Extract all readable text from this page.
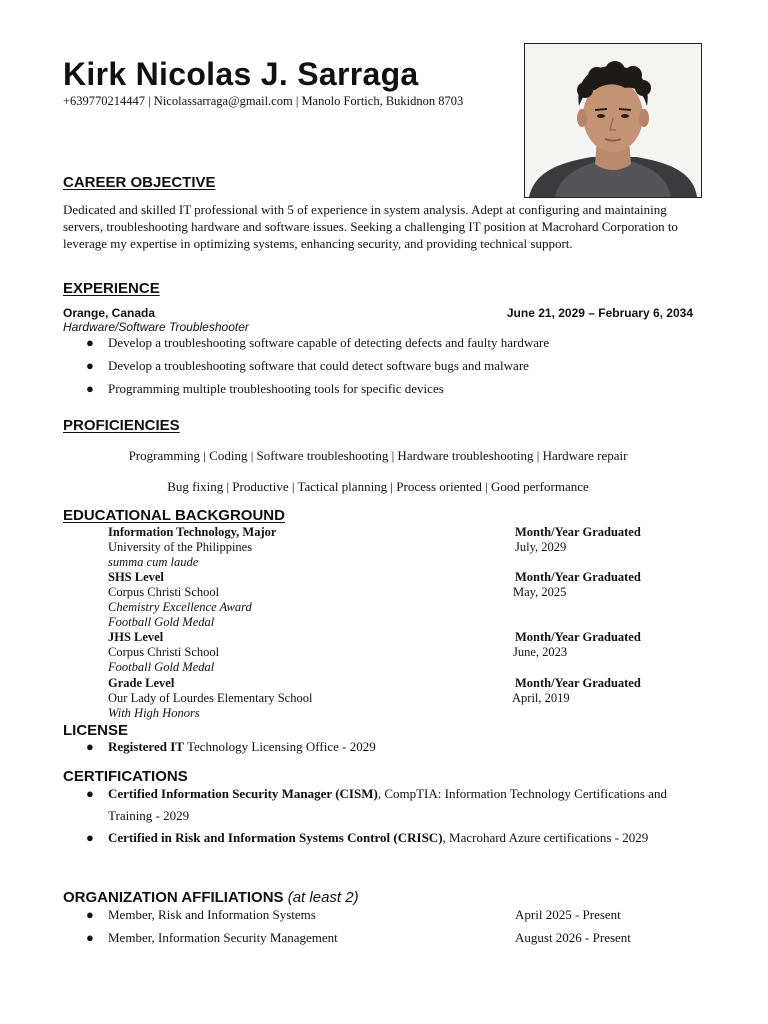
Kirk Nicolas J. Sarraga
+639770214447 | Nicolassarraga@gmail.com | Manolo Fortich, Bukidnon 8703
CAREER OBJECTIVE
Dedicated and skilled IT professional with 5 of experience in system analysis. Adept at configuring and maintaining servers, troubleshooting hardware and software issues. Seeking a challenging IT position at Macrohard Corporation to leverage my expertise in optimizing systems, enhancing security, and providing technical support.
EXPERIENCE
Orange, Canada	June 21, 2029 – February 6, 2034
Hardware/Software Troubleshooter
● Develop a troubleshooting software capable of detecting defects and faulty hardware
● Develop a troubleshooting software that could detect software bugs and malware
● Programming multiple troubleshooting tools for specific devices
PROFICIENCIES
Programming | Coding | Software troubleshooting | Hardware troubleshooting | Hardware repair
Bug fixing | Productive | Tactical planning | Process oriented | Good performance
EDUCATIONAL BACKGROUND
Information Technology, Major	Month/Year Graduated
University of the Philippines	July, 2029
summa cum laude
SHS Level	Month/Year Graduated
Corpus Christi School	May, 2025
Chemistry Excellence Award
Football Gold Medal
JHS Level	Month/Year Graduated
Corpus Christi School	June, 2023
Football Gold Medal
Grade Level	Month/Year Graduated
Our Lady of Lourdes Elementary School	April, 2019
With High Honors
LICENSE
● Registered IT Technology Licensing Office - 2029
CERTIFICATIONS
● Certified Information Security Manager (CISM), CompTIA: Information Technology Certifications and Training - 2029
● Certified in Risk and Information Systems Control (CRISC), Macrohard Azure certifications - 2029
ORGANIZATION AFFILIATIONS (at least 2)
● Member, Risk and Information Systems	April 2025 - Present
● Member, Information Security Management	August 2026 - Present
